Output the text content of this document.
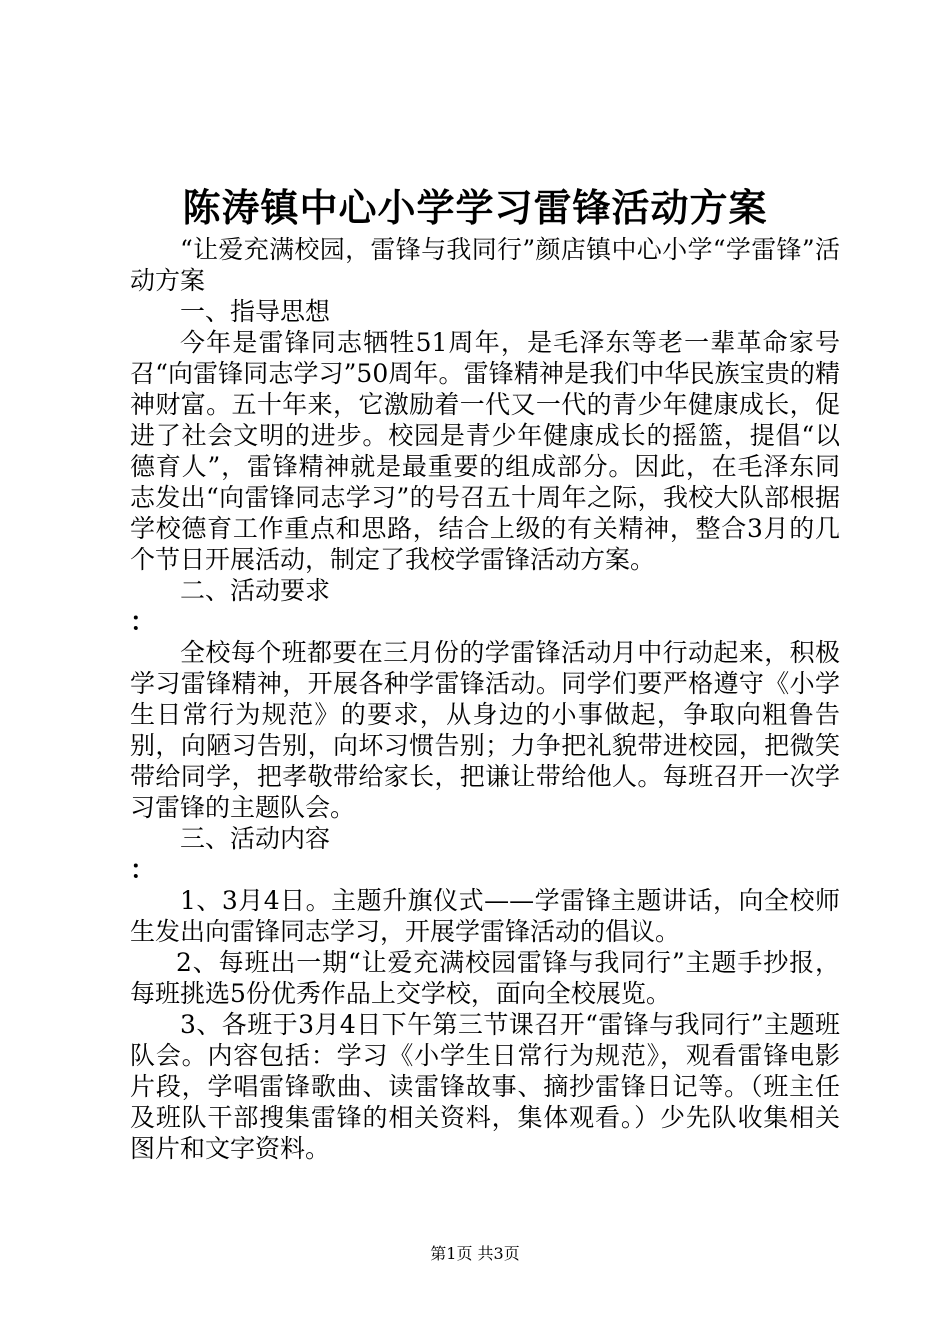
陈涛镇中心小学学习雷锋活动方案

“让爱充满校园，雷锋与我同行”颜店镇中心小学“学雷锋”活动方案

一、指导思想

今年是雷锋同志牺牲51周年，是毛泽东等老一辈革命家号召“向雷锋同志学习”50周年。雷锋精神是我们中华民族宝贵的精神财富。五十年来，它激励着一代又一代的青少年健康成长，促进了社会文明的进步。校园是青少年健康成长的摇篮，提倡“以德育人”，雷锋精神就是最重要的组成部分。因此，在毛泽东同志发出“向雷锋同志学习”的号召五十周年之际，我校大队部根据学校德育工作重点和思路，结合上级的有关精神，整合3月的几个节日开展活动，制定了我校学雷锋活动方案。

二、活动要求

：

全校每个班都要在三月份的学雷锋活动月中行动起来，积极学习雷锋精神，开展各种学雷锋活动。同学们要严格遵守《小学生日常行为规范》的要求，从身边的小事做起，争取向粗鲁告别，向陋习告别，向坏习惯告别；力争把礼貌带进校园，把微笑带给同学，把孝敬带给家长，把谦让带给他人。每班召开一次学习雷锋的主题队会。

三、活动内容

：

1、3月4日。主题升旗仪式——学雷锋主题讲话，向全校师生发出向雷锋同志学习，开展学雷锋活动的倡议。

2、每班出一期“让爱充满校园雷锋与我同行”主题手抄报，每班挑选5份优秀作品上交学校，面向全校展览。

3、各班于3月4日下午第三节课召开“雷锋与我同行”主题班队会。内容包括：学习《小学生日常行为规范》，观看雷锋电影片段，学唱雷锋歌曲、读雷锋故事、摘抄雷锋日记等。（班主任及班队干部搜集雷锋的相关资料，集体观看。）少先队收集相关图片和文字资料。

第1页 共3页
